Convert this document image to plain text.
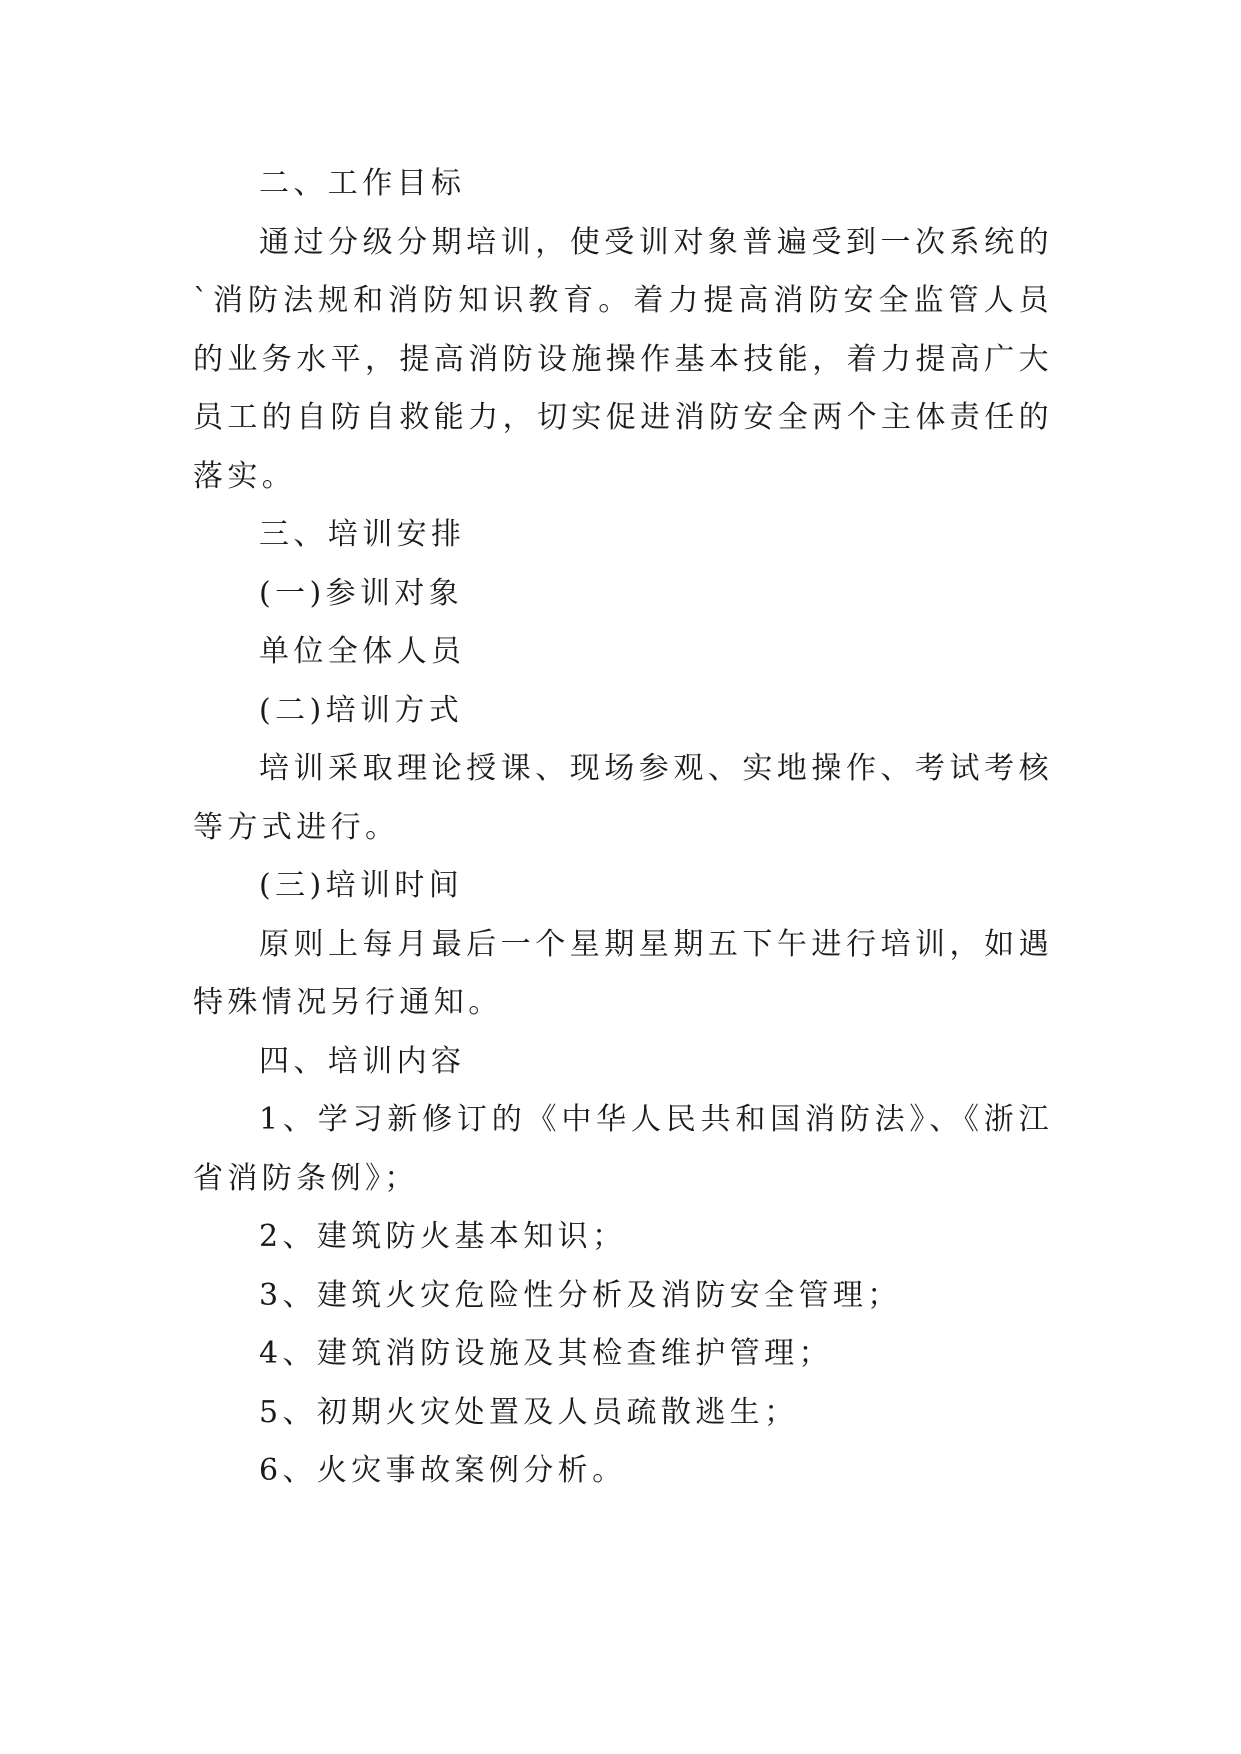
二、工作目标

通过分级分期培训，使受训对象普遍受到一次系统的`消防法规和消防知识教育。着力提高消防安全监管人员的业务水平，提高消防设施操作基本技能，着力提高广大员工的自防自救能力，切实促进消防安全两个主体责任的落实。

三、培训安排

(一)参训对象

单位全体人员

(二)培训方式

培训采取理论授课、现场参观、实地操作、考试考核等方式进行。

(三)培训时间

原则上每月最后一个星期星期五下午进行培训，如遇特殊情况另行通知。

四、培训内容

1、学习新修订的《中华人民共和国消防法》、《浙江省消防条例》；

2、建筑防火基本知识；

3、建筑火灾危险性分析及消防安全管理；

4、建筑消防设施及其检查维护管理；

5、初期火灾处置及人员疏散逃生；

6、火灾事故案例分析。
